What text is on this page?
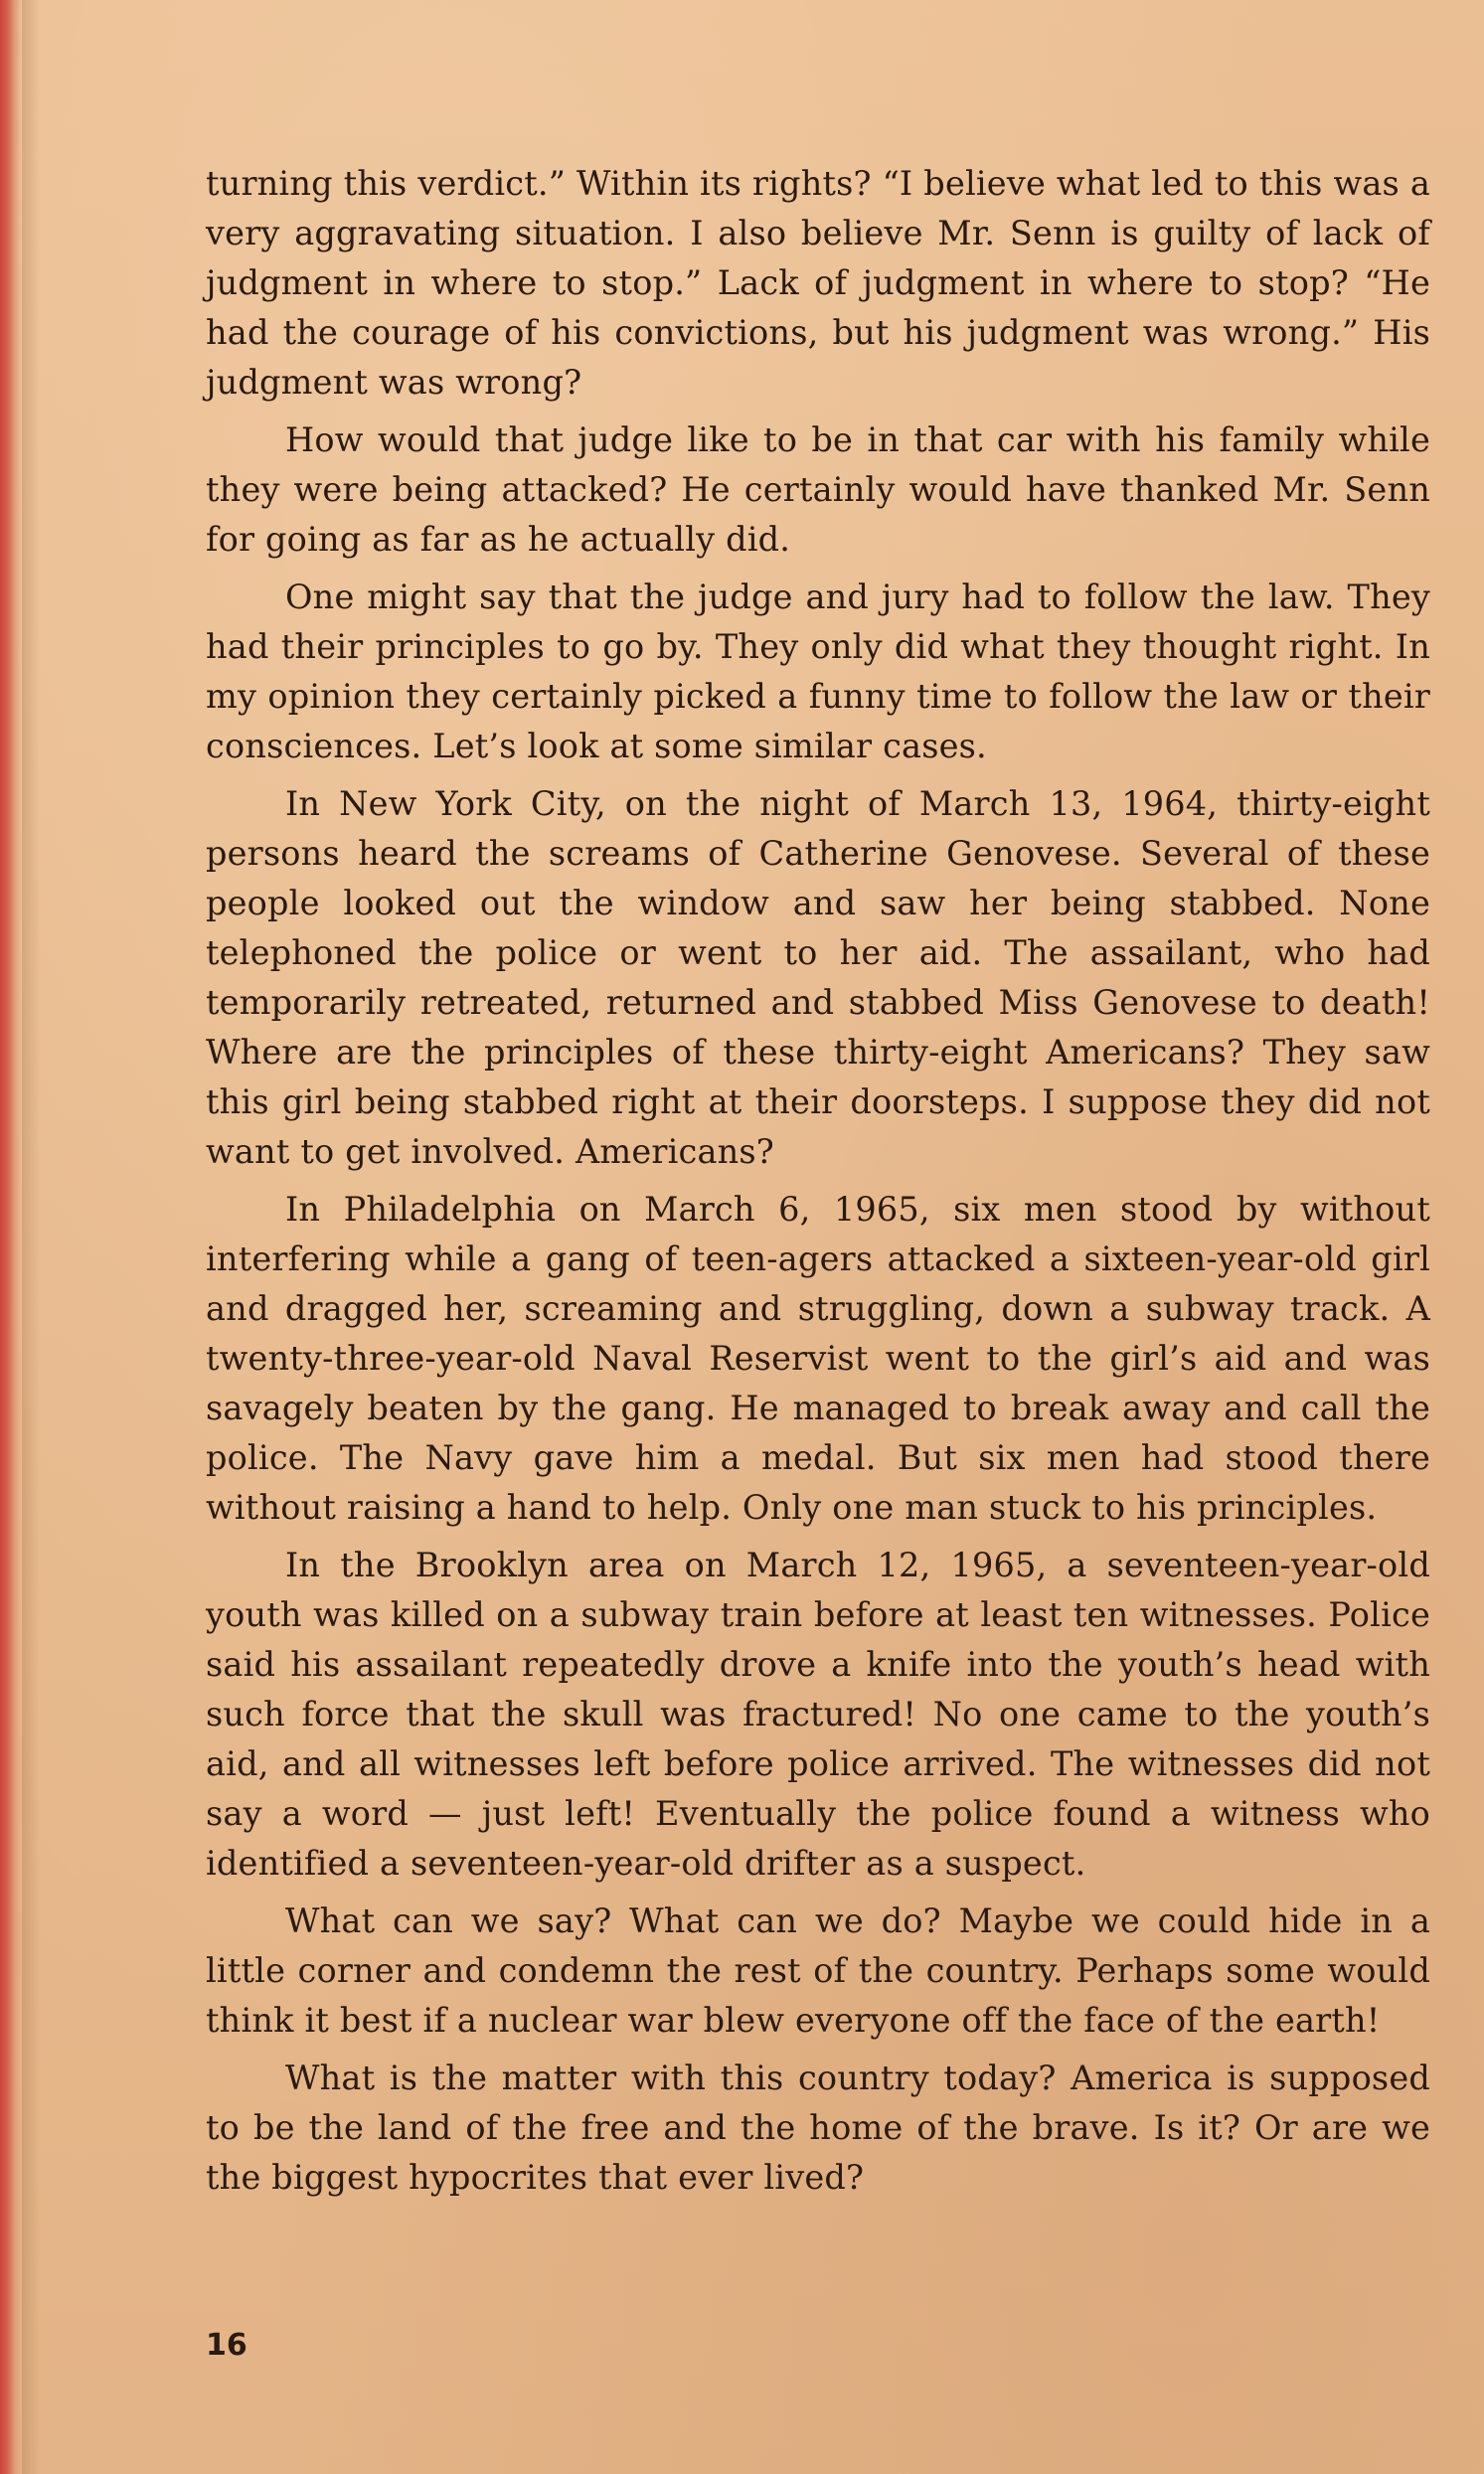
turning this verdict.” Within its rights? “I believe what led to this was a very aggravating situation. I also believe Mr. Senn is guilty of lack of judgment in where to stop.” Lack of judgment in where to stop? “He had the courage of his convictions, but his judgment was wrong.” His judgment was wrong?

How would that judge like to be in that car with his family while they were being attacked? He certainly would have thanked Mr. Senn for going as far as he actually did.

One might say that the judge and jury had to follow the law. They had their principles to go by. They only did what they thought right. In my opinion they certainly picked a funny time to follow the law or their consciences. Let’s look at some similar cases.

In New York City, on the night of March 13, 1964, thirty-eight persons heard the screams of Catherine Genovese. Several of these people looked out the window and saw her being stabbed. None telephoned the police or went to her aid. The assailant, who had temporarily retreated, returned and stabbed Miss Genovese to death! Where are the principles of these thirty-eight Americans? They saw this girl being stabbed right at their doorsteps. I suppose they did not want to get involved. Americans?

In Philadelphia on March 6, 1965, six men stood by without interfering while a gang of teen-agers attacked a sixteen-year-old girl and dragged her, screaming and struggling, down a subway track. A twenty-three-year-old Naval Reservist went to the girl’s aid and was savagely beaten by the gang. He managed to break away and call the police. The Navy gave him a medal. But six men had stood there without raising a hand to help. Only one man stuck to his principles.

In the Brooklyn area on March 12, 1965, a seventeen-year-old youth was killed on a subway train before at least ten witnesses. Police said his assailant repeatedly drove a knife into the youth’s head with such force that the skull was fractured! No one came to the youth’s aid, and all witnesses left before police arrived. The witnesses did not say a word — just left! Eventually the police found a witness who identified a seventeen-year-old drifter as a suspect.

What can we say? What can we do? Maybe we could hide in a little corner and condemn the rest of the country. Perhaps some would think it best if a nuclear war blew everyone off the face of the earth!

What is the matter with this country today? America is supposed to be the land of the free and the home of the brave. Is it? Or are we the biggest hypocrites that ever lived?

16
